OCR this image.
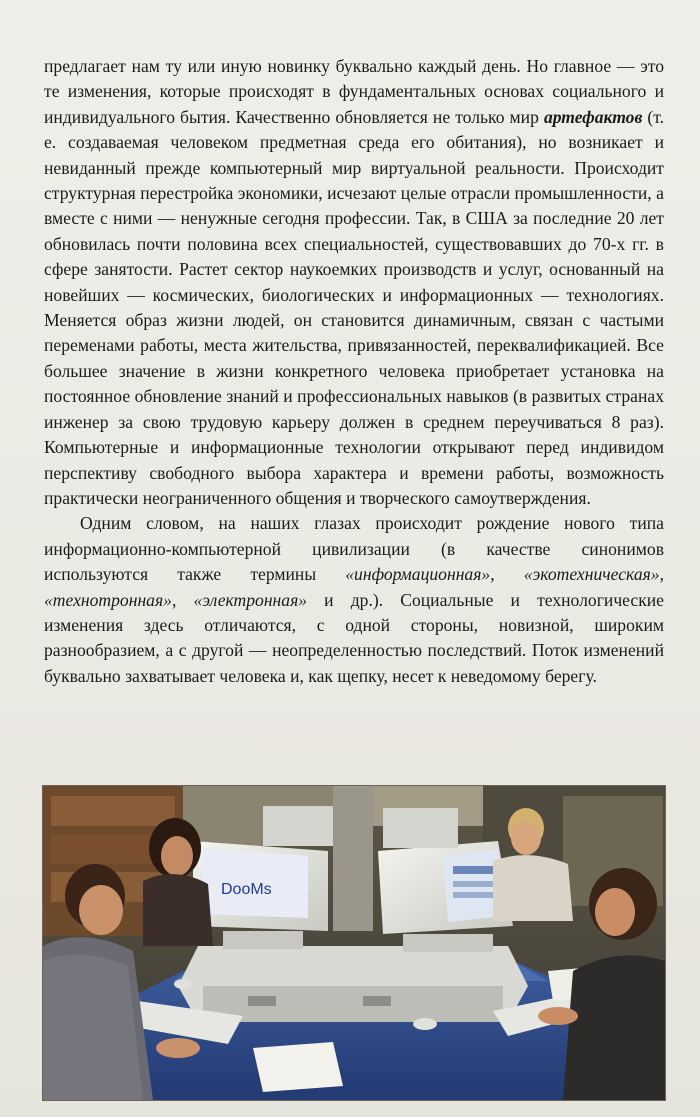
предлагает нам ту или иную новинку буквально каждый день. Но главное — это те изменения, которые происходят в фундаментальных основах социального и индивидуального бытия. Качественно обновляется не только мир артефактов (т. е. создаваемая человеком предметная среда его обитания), но возникает и невиданный прежде компьютерный мир виртуальной реальности. Происходит структурная перестройка экономики, исчезают целые отрасли промышленности, а вместе с ними — ненужные сегодня профессии. Так, в США за последние 20 лет обновилась почти половина всех специальностей, существовавших до 70-х гг. в сфере занятости. Растет сектор наукоемких производств и услуг, основанный на новейших — космических, биологических и информационных — технологиях. Меняется образ жизни людей, он становится динамичным, связан с частыми переменами работы, места жительства, привязанностей, переквалификацией. Все большее значение в жизни конкретного человека приобретает установка на постоянное обновление знаний и профессиональных навыков (в развитых странах инженер за свою трудовую карьеру должен в среднем переучиваться 8 раз). Компьютерные и информационные технологии открывают перед индивидом перспективу свободного выбора характера и времени работы, возможность практически неограниченного общения и творческого самоутверждения.

Одним словом, на наших глазах происходит рождение нового типа информационно-компьютерной цивилизации (в качестве синонимов используются также термины «информационная», «экотехническая», «технотронная», «электронная» и др.). Социальные и технологические изменения здесь отличаются, с одной стороны, новизной, широким разнообразием, а с другой — неопределенностью последствий. Поток изменений буквально захватывает человека и, как щепку, несет к неведомому берегу.

DooMs
